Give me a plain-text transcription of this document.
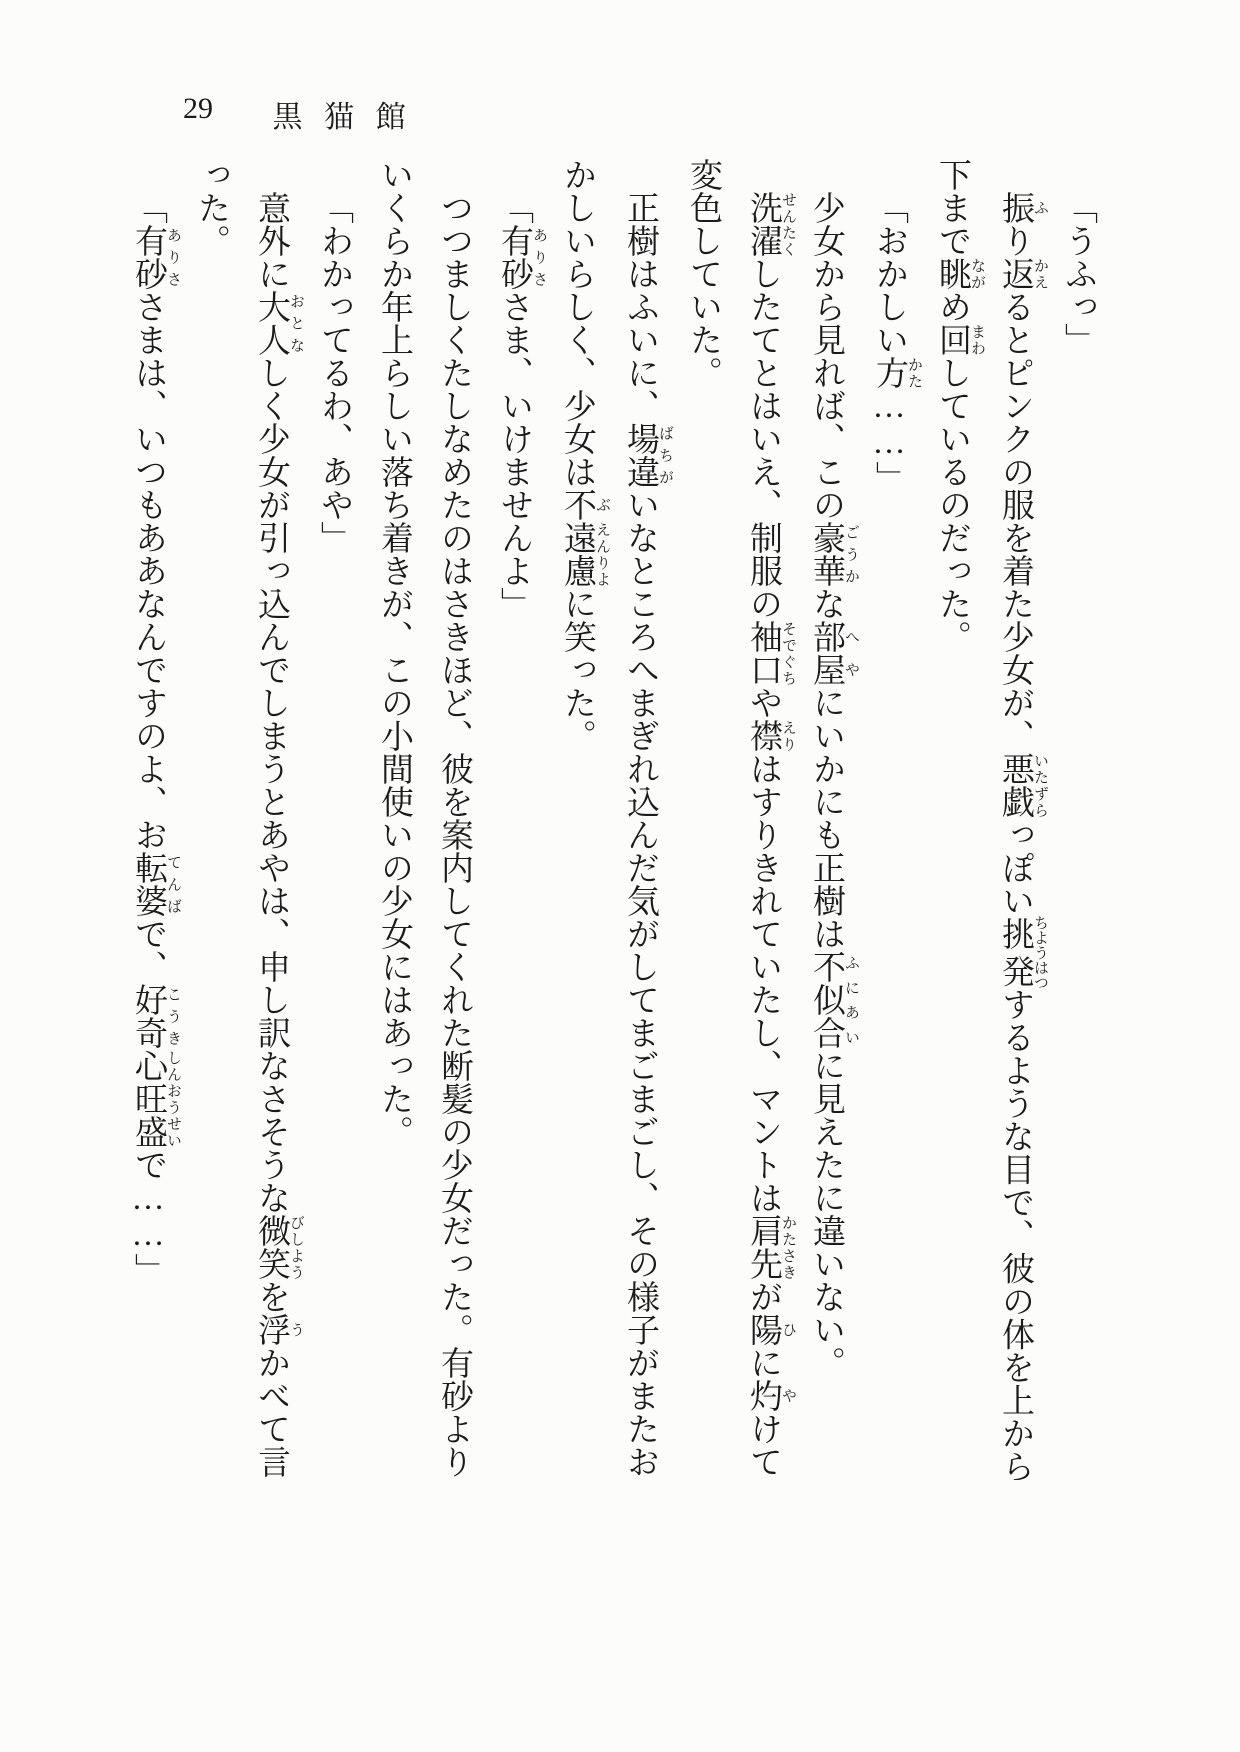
29 黒猫館
「うふっ」
振 ふり返 かえるとピンクの服を着た少女が、悪戯 いたずらっぽい挑発 ちようはつするような目で、彼の体を上から
下まで眺 ながめ回 まわしているのだった。
「おかしい方 かた……」
少女から見れば、この豪華 ごうかな部屋 へやにいかにも正樹は不似合 ふにあいに見えたに違いない。
洗濯 せんたくしたてとはいえ、制服の袖口 そでぐちや襟 えりはすりきれていたし、マントは肩先 かたさきが陽 ひに灼 やけて
変色していた。
正樹はふいに、場違 ばちがいなところへまぎれ込んだ気がしてまごまごし、その様子がまたお
かしいらしく、少女は不 ぶ遠慮 えんりよに笑った。
「有砂 ありささま、いけませんよ」
つつましくたしなめたのはさきほど、彼を案内してくれた断髪の少女だった。有砂より
いくらか年上らしい落ち着きが、この小間使いの少女にはあった。
「わかってるわ、あや」
意外に大人 おとなしく少女が引っ込んでしまうとあやは、申し訳なさそうな微笑 びしようを浮 うかべて言
った。
「有砂 ありささまは、いつもああなんですのよ、お転婆 てんばで、好奇 こうき心旺盛 しんおうせいで……」
